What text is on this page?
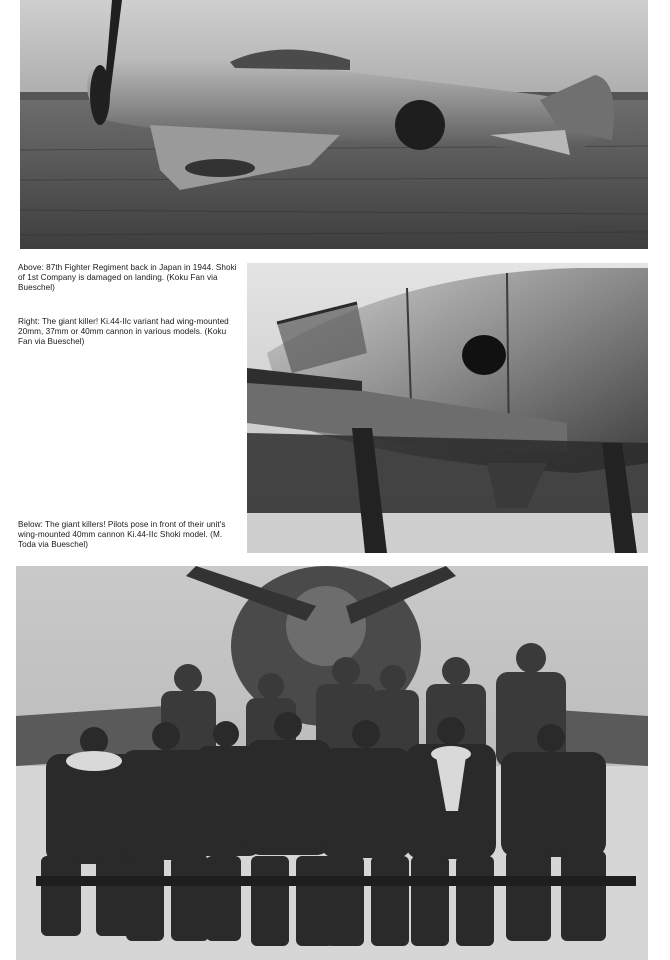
Above: 87th Fighter Regiment back in Japan in 1944. Shoki of 1st Company is damaged on landing. (Koku Fan via Bueschel)
Right: The giant killer! Ki.44-IIc variant had wing-mounted 20mm, 37mm or 40mm cannon in various models. (Koku Fan via Bueschel)
Below: The giant killers! Pilots pose in front of their unit's wing-mounted 40mm cannon Ki.44-IIc Shoki model. (M. Toda via Bueschel)
